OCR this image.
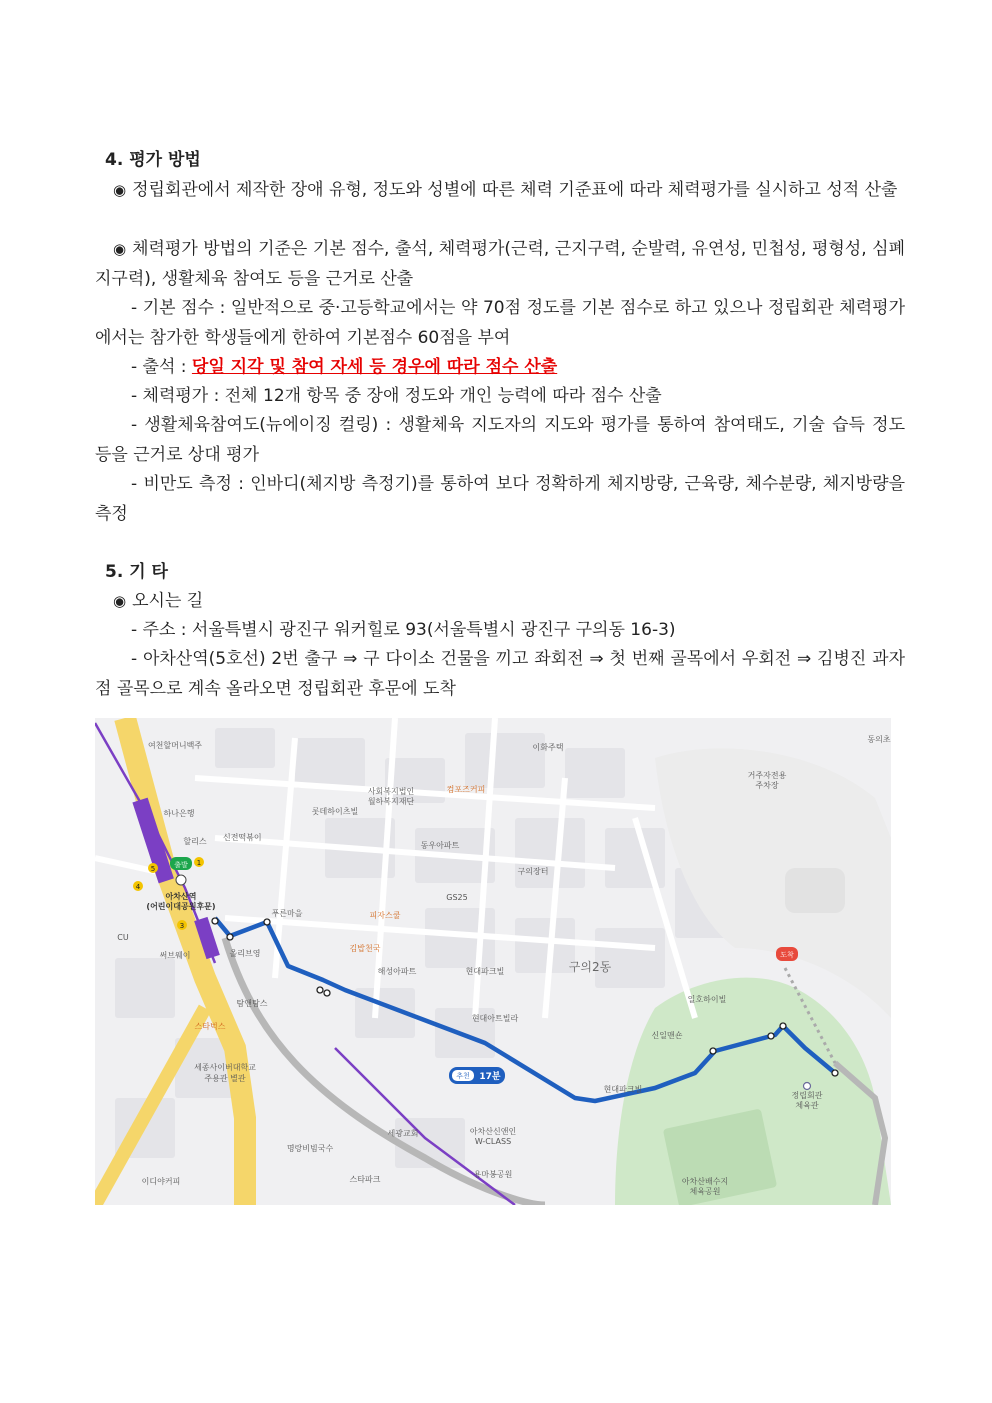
4. 평가 방법
◉ 정립회관에서 제작한 장애 유형, 정도와 성별에 따른 체력 기준표에 따라 체력평가를 실시하고 성적 산출
◉ 체력평가 방법의 기준은 기본 점수, 출석, 체력평가(근력, 근지구력, 순발력, 유연성, 민첩성, 평형성, 심폐지구력), 생활체육 참여도 등을 근거로 산출
- 기본 점수 : 일반적으로 중·고등학교에서는 약 70점 정도를 기본 점수로 하고 있으나 정립회관 체력평가에서는 참가한 학생들에게 한하여 기본점수 60점을 부여
- 출석 : 당일 지각 및 참여 자세 등 경우에 따라 점수 산출
- 체력평가 : 전체 12개 항목 중 장애 정도와 개인 능력에 따라 점수 산출
- 생활체육참여도(뉴에이징 컬링) : 생활체육 지도자의 지도와 평가를 통하여 참여태도, 기술 습득 정도 등을 근거로 상대 평가
- 비만도 측정 : 인바디(체지방 측정기)를 통하여 보다 정확하게 체지방량, 근육량, 체수분량, 체지방량을 측정
5. 기 타
◉ 오시는 길
- 주소 : 서울특별시 광진구 워커힐로 93(서울특별시 광진구 구의동 16-3)
- 아차산역(5호선) 2번 출구 ⇒ 구 다이소 건물을 끼고 좌회전 ⇒ 첫 번째 골목에서 우회전 ⇒ 김병진 과자점 골목으로 계속 올라오면 정립회관 후문에 도착
출발
아차산역
(어린이대공원후문)
1
5
4
3
도착
정립회관
체육관
추천 17분
구의2동
여천할머니백주
하나은행
할리스 신전떡볶이
CU
써브웨이	올리브영
탐앤탐스
스타벅스
세종사이버대학교
주용관 별관
롯데하이츠빌
사회복지법인
월하복지재단
컴포즈커피
동우아파트
이화주택
GS25
피자스쿨
김밥천국
해성아파트	현대파크빌
현대아트빌라
푸른마을
구의장터
거주자전용
주차장
일호하이빌
신일맨숀
현대파크빌
세광교회	아차산신앤인
W-CLASS
용마봉공원
아차산배수지
체육공원
스타파크
이디야커피
명랑비빔국수
동의초
